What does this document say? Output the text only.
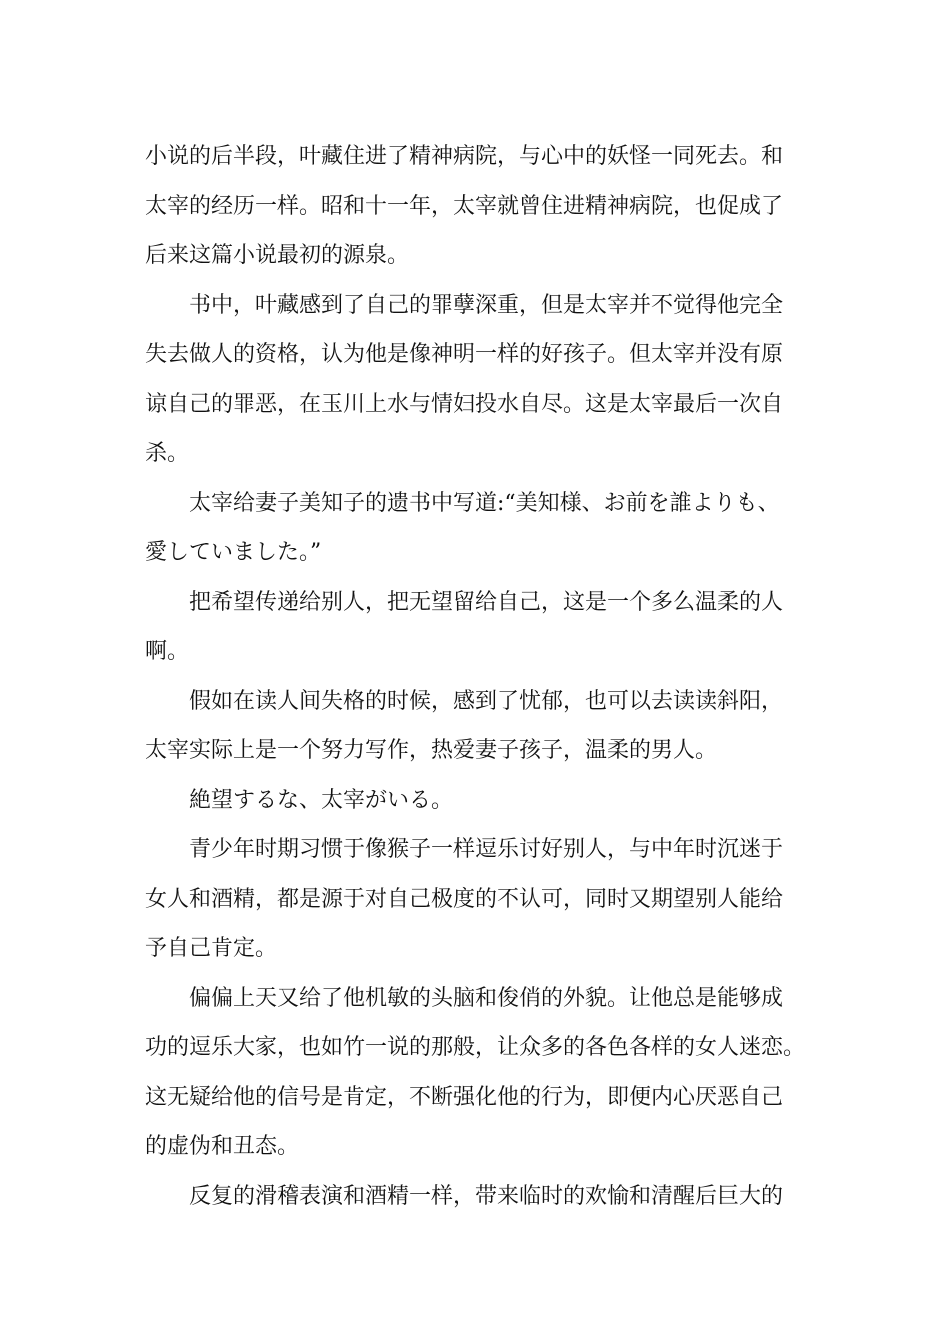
小说的后半段，叶藏住进了精神病院，与心中的妖怪一同死去。和
太宰的经历一样。昭和十一年，太宰就曾住进精神病院，也促成了
后来这篇小说最初的源泉。

书中，叶藏感到了自己的罪孽深重，但是太宰并不觉得他完全
失去做人的资格，认为他是像神明一样的好孩子。但太宰并没有原
谅自己的罪恶，在玉川上水与情妇投水自尽。这是太宰最后一次自
杀。

太宰给妻子美知子的遗书中写道:“美知様、お前を誰よりも、
愛していました。”

把希望传递给别人，把无望留给自己，这是一个多么温柔的人
啊。

假如在读人间失格的时候，感到了忧郁，也可以去读读斜阳，
太宰实际上是一个努力写作，热爱妻子孩子，温柔的男人。

絶望するな、太宰がいる。

青少年时期习惯于像猴子一样逗乐讨好别人，与中年时沉迷于
女人和酒精，都是源于对自己极度的不认可，同时又期望别人能给
予自己肯定。

偏偏上天又给了他机敏的头脑和俊俏的外貌。让他总是能够成
功的逗乐大家，也如竹一说的那般，让众多的各色各样的女人迷恋。
这无疑给他的信号是肯定，不断强化他的行为，即便内心厌恶自己
的虚伪和丑态。

反复的滑稽表演和酒精一样，带来临时的欢愉和清醒后巨大的
